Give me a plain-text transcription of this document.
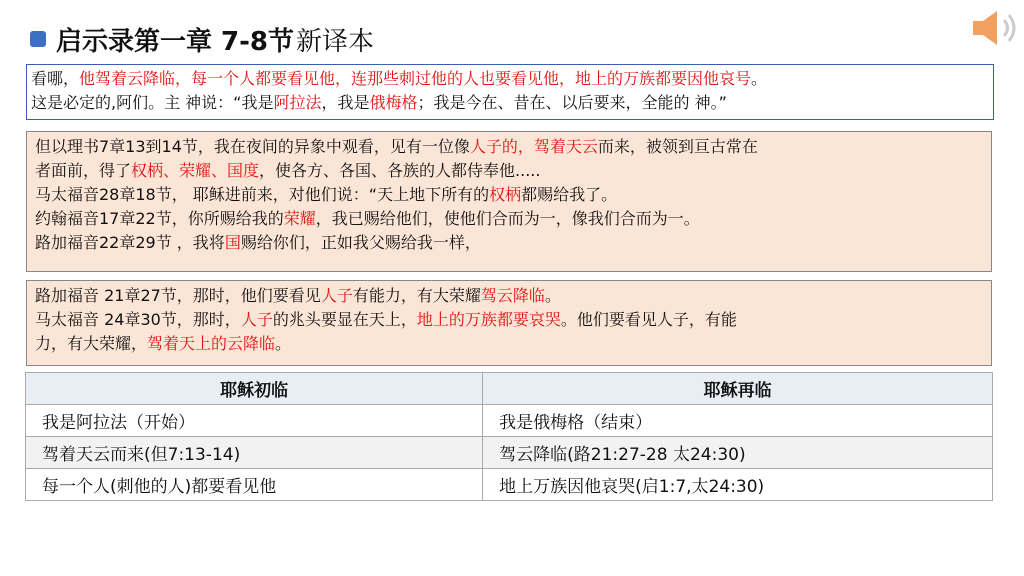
启示录第一章 7-8节 新译本

看哪，他驾着云降临，每一个人都要看见他，连那些刺过他的人也要看见他，地上的万族都要因他哀号。

这是必定的,阿们。主 神说：“我是阿拉法，我是俄梅格；我是今在、昔在、以后要来，全能的 神。”

但以理书7章13到14节，我在夜间的异象中观看，见有一位像人子的，驾着天云而来，被领到亘古常在

者面前，得了权柄、荣耀、国度，使各方、各国、各族的人都侍奉他.....

马太福音28章18节， 耶稣进前来，对他们说：“天上地下所有的权柄都赐给我了。

约翰福音17章22节，你所赐给我的荣耀，我已赐给他们，使他们合而为一，像我们合而为一。

路加福音22章29节 ，我将国赐给你们，正如我父赐给我一样，

路加福音 21章27节，那时，他们要看见人子有能力，有大荣耀驾云降临。

马太福音 24章30节，那时，人子的兆头要显在天上，地上的万族都要哀哭。他们要看见人子，有能

力，有大荣耀，驾着天上的云降临。

耶稣初临	耶稣再临
我是阿拉法（开始）	我是俄梅格（结束）
驾着天云而来(但7:13-14)	驾云降临(路21:27-28 太24:30)
每一个人(刺他的人)都要看见他	地上万族因他哀哭(启1:7,太24:30)
